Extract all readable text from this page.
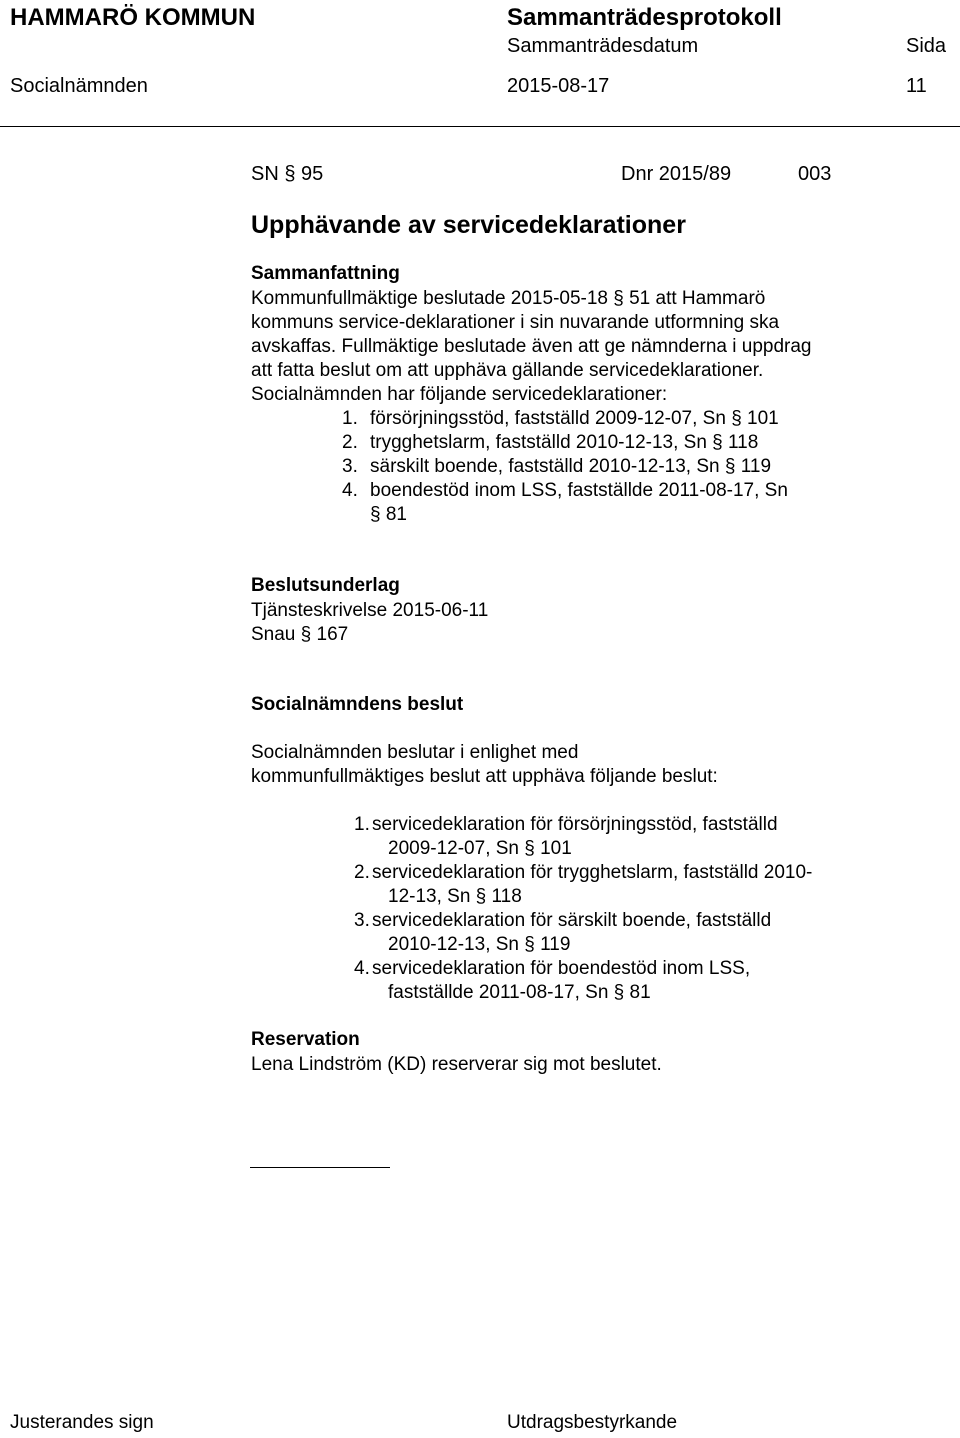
HAMMARÖ KOMMUN	Sammanträdesprotokoll
Sammanträdesdatum	Sida
Socialnämnden	2015-08-17	11
SN § 95	Dnr 2015/89	003
Upphävande av servicedeklarationer
Sammanfattning
Kommunfullmäktige beslutade 2015-05-18 § 51 att Hammarö
kommuns service-deklarationer i sin nuvarande utformning ska
avskaffas. Fullmäktige beslutade även att ge nämnderna i uppdrag
att fatta beslut om att upphäva gällande servicedeklarationer.
Socialnämnden har följande servicedeklarationer:
1. försörjningsstöd, fastställd 2009-12-07, Sn § 101
2. trygghetslarm, fastställd 2010-12-13, Sn § 118
3. särskilt boende, fastställd 2010-12-13, Sn § 119
4. boendestöd inom LSS, fastställde 2011-08-17, Sn
§ 81
Beslutsunderlag
Tjänsteskrivelse 2015-06-11
Snau § 167
Socialnämndens beslut
Socialnämnden beslutar i enlighet med
kommunfullmäktiges beslut att upphäva följande beslut:
1. servicedeklaration för försörjningsstöd, fastställd
2009-12-07, Sn § 101
2. servicedeklaration för trygghetslarm, fastställd 2010-
12-13, Sn § 118
3. servicedeklaration för särskilt boende, fastställd
2010-12-13, Sn § 119
4. servicedeklaration för boendestöd inom LSS,
fastställde 2011-08-17, Sn § 81
Reservation
Lena Lindström (KD) reserverar sig mot beslutet.
Justerandes sign	Utdragsbestyrkande
